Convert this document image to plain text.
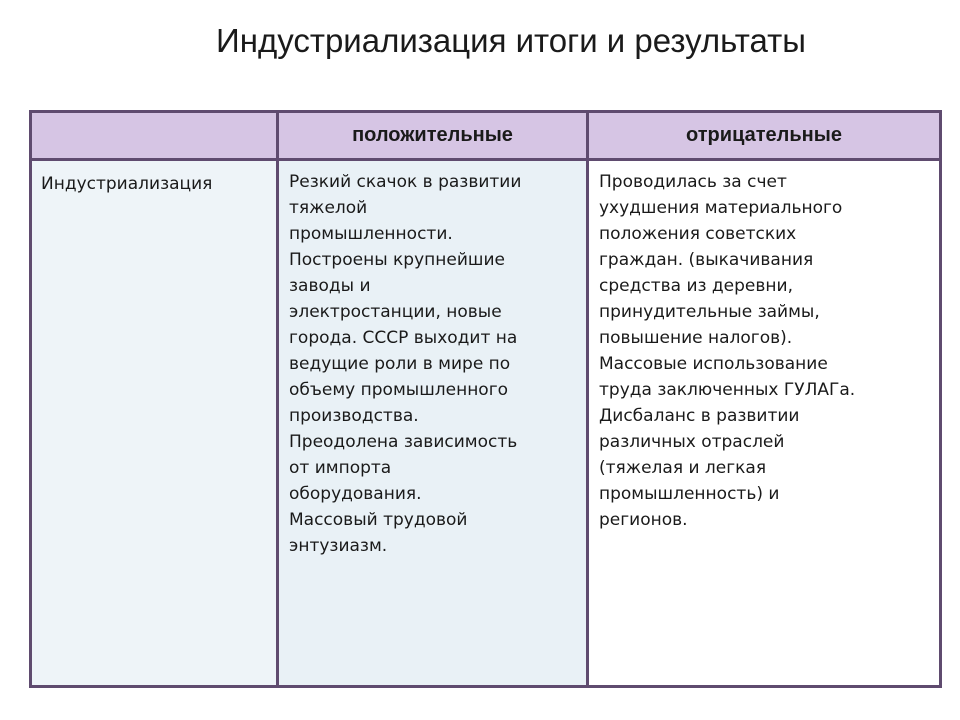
Индустриализация итоги и результаты
положительные	отрицательные
Индустриализация	Резкий скачок в развитии
тяжелой
промышленности.
Построены крупнейшие
заводы и
электростанции, новые
города. СССР выходит на
ведущие роли в мире по
объему промышленного
производства.
Преодолена зависимость
от импорта
оборудования.
Массовый трудовой
энтузиазм.
Проводилась за счет
ухудшения материального
положения советских
граждан. (выкачивания
средства из деревни,
принудительные займы,
повышение налогов).
Массовые использование
труда заключенных ГУЛАГа.
Дисбаланс в развитии
различных отраслей
(тяжелая и легкая
промышленность) и
регионов.
